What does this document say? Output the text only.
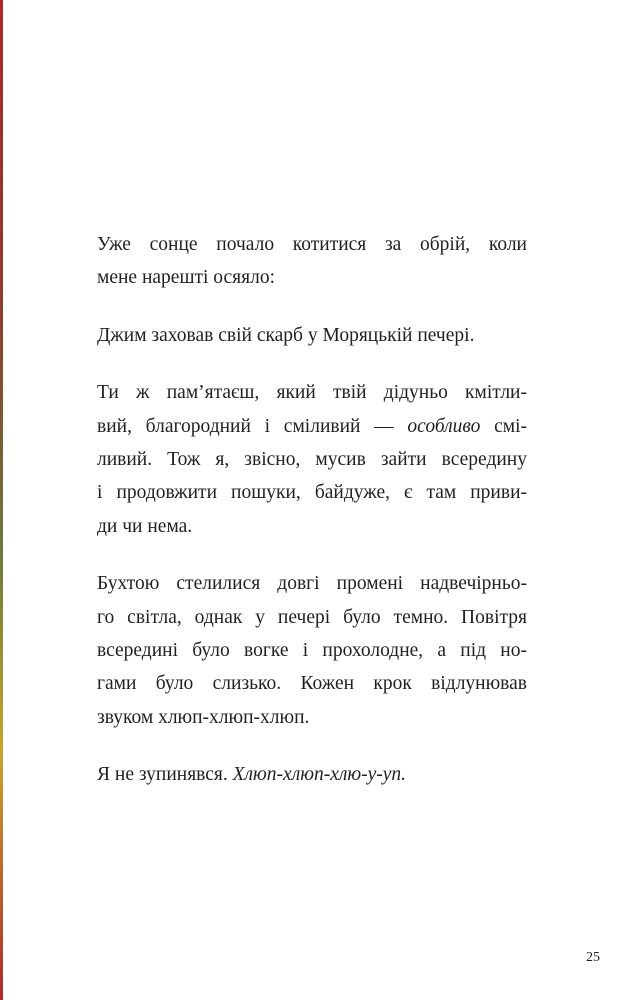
Уже сонце почало котитися за обрій, коли
мене нарешті осяяло:
Джим заховав свій скарб у Моряцькій печері.
Ти ж пам’ятаєш, який твій дідуньо кмітли-
вий, благородний і сміливий — особливо смі-
ливий. Тож я, звісно, мусив зайти всередину
і продовжити пошуки, байдуже, є там приви-
ди чи нема.
Бухтою стелилися довгі промені надвечірньо-
го світла, однак у печері було темно. Повітря
всередині було вогке і прохолодне, а під но-
гами було слизько. Кожен крок відлунював
звуком хлюп-хлюп-хлюп.
Я не зупинявся. Хлюп-хлюп-хлю-у-уп.
25
